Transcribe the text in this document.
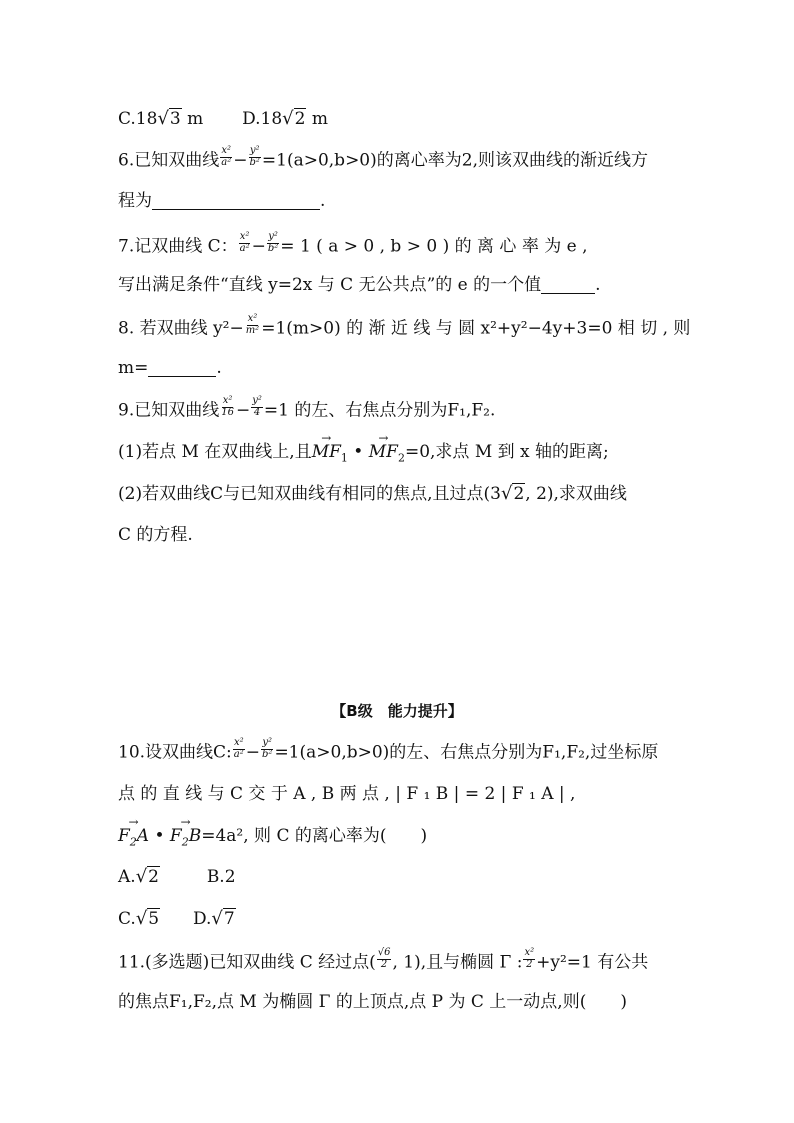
C.18√3 m D.18√2 m
6.已知双曲线 $\frac{\text{x²}}{\text{a²}} - \frac{\text{y²}}{\text{b²}} =1(a>0,b>0)$的离心率为2,则该双曲线的渐近线方
程为	.
7.记双曲线 C： $\frac{\text{x²}}{\text{a²}} - \frac{\text{y²}}{\text{b²}} = 1$ ( a > 0 , b > 0 ) 的 离 心 率 为 e ,
写出满足条件“直线 y=2x 与 C 无公共点”的 e 的一个值	.
8. 若双曲线 $y^2- \frac{\text{x²}}{\text{m²}} =1(m>0)$ 的 渐 近 线 与 圆 x²+y²−4y+3=0 相 切 , 则
m=	.
9.已知双曲线 $\frac{\text{x²}}{16} - \frac{\text{y²}}{4} =1$ 的左、右焦点分别为F₁,F₂.
(1)若点 M 在双曲线上,且→ $MF_1$ • → $MF_2=0$,求点 M 到 x 轴的距离;
(2)若双曲线C与已知双曲线有相同的焦点,且过点(3√2, 2),求双曲线
C 的方程.
【B级　能力提升】
10.设双曲线C: $\frac{\text{x²}}{\text{a²}} - \frac{\text{y²}}{\text{b²}} =1(a>0,b>0)$的左、右焦点分别为F₁,F₂,过坐标原
点 的 直 线 与 C 交 于 A , B 两 点 , | F ₁ B | = 2 | F ₁ A | ,
→ $F_2A$ • → $F_2B=4a^2$, 则 C 的离心率为(　　)
A.√2	B.2
C.√5 D.√7
11.(多选题)已知双曲线 C 经过点( $\frac{√6}{2}$ , 1),且与椭圆 Γ : $\frac{\text{x²}}{2} +y^2=1$ 有公共
的焦点F₁,F₂,点 M 为椭圆 Γ 的上顶点,点 P 为 C 上一动点,则(　　)
